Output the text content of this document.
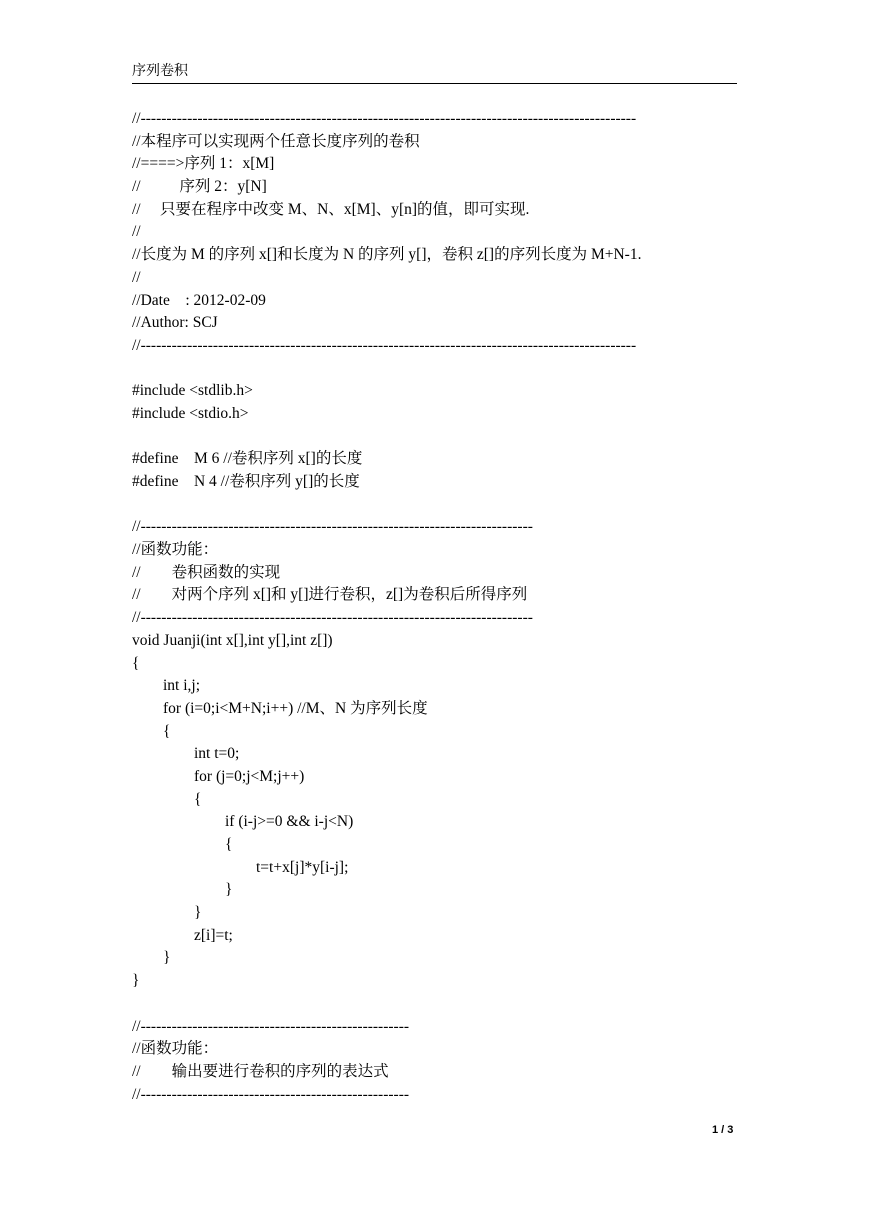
序列卷积
//------------------------------------------------------------------------------------------------
//本程序可以实现两个任意长度序列的卷积
//====>序列 1：x[M]
//          序列 2：y[N]
//     只要在程序中改变 M、N、x[M]、y[n]的值，即可实现.
//
//长度为 M 的序列 x[]和长度为 N 的序列 y[]，卷积 z[]的序列长度为 M+N-1.
//
//Date    : 2012-02-09
//Author: SCJ
//------------------------------------------------------------------------------------------------
#include <stdlib.h>
#include <stdio.h>
#define    M 6 //卷积序列 x[]的长度
#define    N 4 //卷积序列 y[]的长度
//----------------------------------------------------------------------------
//函数功能：
//        卷积函数的实现
//        对两个序列 x[]和 y[]进行卷积，z[]为卷积后所得序列
//----------------------------------------------------------------------------
void Juanji(int x[],int y[],int z[])
{
int i,j;
for (i=0;i<M+N;i++) //M、N 为序列长度
{
int t=0;
for (j=0;j<M;j++)
{
if (i-j>=0 && i-j<N)
{
t=t+x[j]*y[i-j];
}
}
z[i]=t;
}
}
//----------------------------------------------------
//函数功能：
//        输出要进行卷积的序列的表达式
//----------------------------------------------------
1 / 3
